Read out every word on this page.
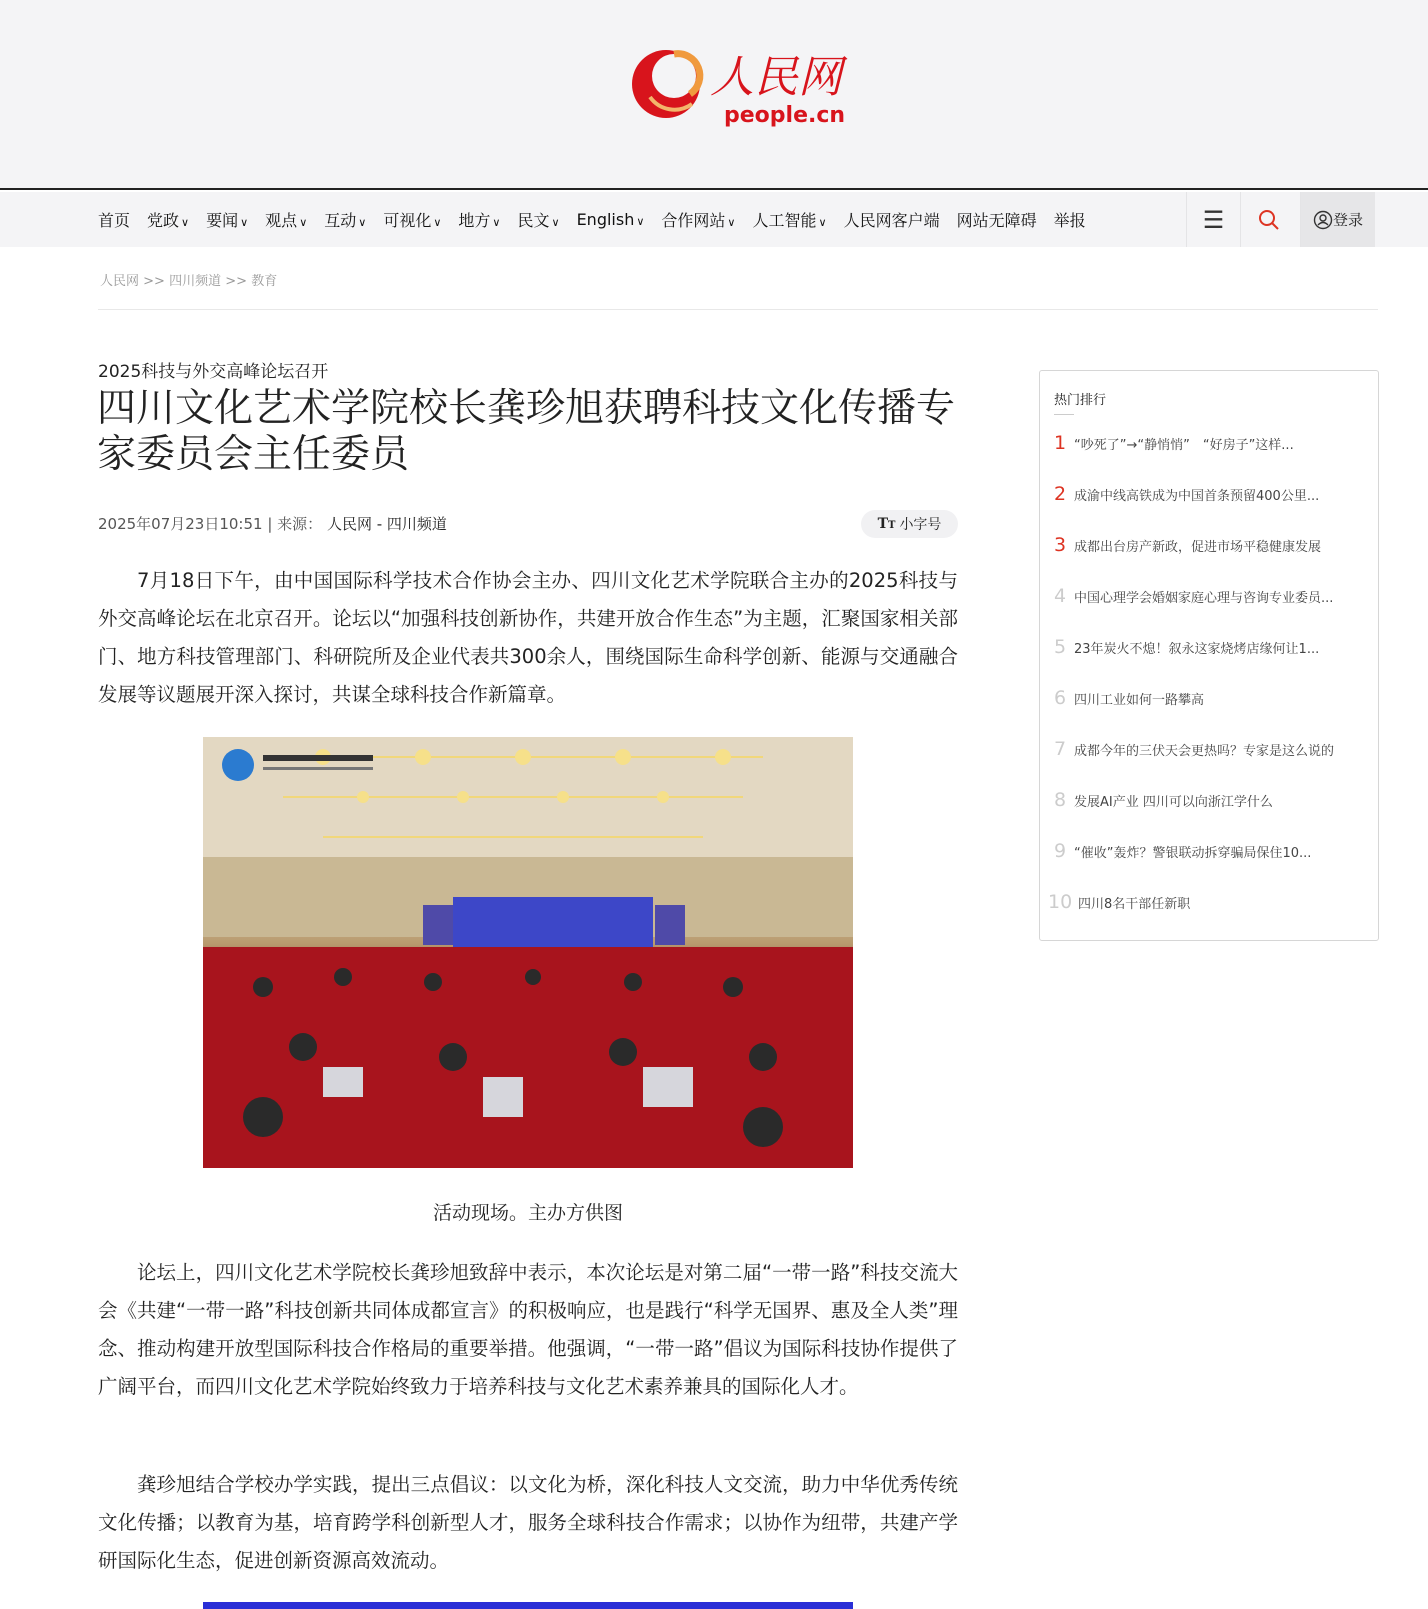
人民网
people.cn
首页 党政 ∨ 要闻 ∨ 观点 ∨ 互动 ∨ 可视化 ∨ 地方 ∨ 民文 ∨ English ∨ 合作网站 ∨ 人工智能 ∨ 人民网客户端 网站无障碍 举报	☰	登录
人民网 >> 四川频道 >> 教育
2025科技与外交高峰论坛召开
四川文化艺术学院校长龚珍旭获聘科技文化传播专家委员会主任委员
2025年07月23日10:51 | 来源： 人民网 - 四川频道	TT 小字号

7月18日下午，由中国国际科学技术合作协会主办、四川文化艺术学院联合主办的2025科技与外交高峰论坛在北京召开。论坛以“加强科技创新协作，共建开放合作生态”为主题，汇聚国家相关部门、地方科技管理部门、科研院所及企业代表共300余人，围绕国际生命科学创新、能源与交通融合发展等议题展开深入探讨，共谋全球科技合作新篇章。

活动现场。主办方供图

论坛上，四川文化艺术学院校长龚珍旭致辞中表示，本次论坛是对第二届“一带一路”科技交流大会《共建“一带一路”科技创新共同体成都宣言》的积极响应，也是践行“科学无国界、惠及全人类”理念、推动构建开放型国际科技合作格局的重要举措。他强调，“一带一路”倡议为国际科技协作提供了广阔平台，而四川文化艺术学院始终致力于培养科技与文化艺术素养兼具的国际化人才。

龚珍旭结合学校办学实践，提出三点倡议：以文化为桥，深化科技人文交流，助力中华优秀传统文化传播；以教育为基，培育跨学科创新型人才，服务全球科技合作需求；以协作为纽带，共建产学研国际化生态，促进创新资源高效流动。

热门排行
1 “吵死了”→“静悄悄”　“好房子”这样...
2 成渝中线高铁成为中国首条预留400公里...
3 成都出台房产新政，促进市场平稳健康发展
4 中国心理学会婚姻家庭心理与咨询专业委员...
5 23年炭火不熄！叙永这家烧烤店缘何让1...
6 四川工业如何一路攀高
7 成都今年的三伏天会更热吗？专家是这么说的
8 发展AI产业 四川可以向浙江学什么
9 “催收”轰炸？警银联动拆穿骗局保住10...
10 四川8名干部任新职
